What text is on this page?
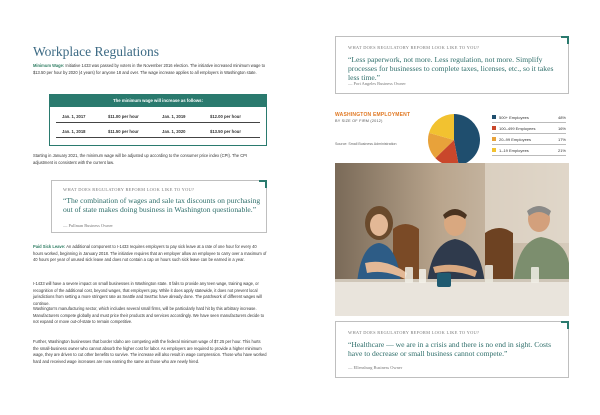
Workplace Regulations

Minimum Wage: Initiative 1433 was passed by voters in the November 2016 election. The initiative increased minimum wage to $13.50 per hour by 2020 (4 years) for anyone 18 and over. The wage increase applies to all employers in Washington state.

The minimum wage will increase as follows:
Jan. 1, 2017	$11.00 per hour	Jan. 1, 2019	$12.00 per hour
Jan. 1, 2018	$11.50 per hour	Jan. 1, 2020	$13.50 per hour

Starting in January 2021, the minimum wage will be adjusted up according to the consumer price index (CPI). The CPI adjustment is consistent with the current law.

WHAT DOES REGULATORY REFORM LOOK LIKE TO YOU?
“The combination of wages and sale tax discounts on purchasing out of state makes doing business in Washington questionable.”
— Pullman Business Owner

Paid Sick Leave: An additional component to I-1433 requires employers to pay sick leave at a rate of one hour for every 40 hours worked, beginning in January 2018. The initiative requires that an employer allow an employee to carry over a maximum of 40 hours per year of unused sick leave and does not contain a cap on hours such sick leave can be earned in a year.

I-1433 will have a severe impact on small businesses in Washington state. It fails to provide any teen wage, training wage, or recognition of the additional cost, beyond wages, that employers pay. While it does apply statewide, it does not prevent local jurisdictions from setting a more stringent rate as Seattle and SeaTac have already done. The patchwork of different wages will continue.

Washington's manufacturing sector, which includes several small firms, will be particularly hard hit by this arbitrary increase. Manufacturers compete globally and must price their products and services accordingly. We have seen manufacturers decide to not expand or move out-of-state to remain competitive.

Further, Washington businesses that border Idaho are competing with the federal minimum wage of $7.25 per hour. This hurts the small-business owner who cannot absorb the higher cost for labor. As employers are required to provide a higher minimum wage, they are driven to cut other benefits to survive. The increase will also result in wage compression. Those who have worked hard and received wage increases are now earning the same as those who are newly hired.

WHAT DOES REGULATORY REFORM LOOK LIKE TO YOU?
“Less paperwork, not more. Less regulation, not more. Simplify processes for businesses to complete taxes, licenses, etc., so it takes less time.”
— Port Angeles Business Owner
WASHINGTON EMPLOYMENT
BY SIZE OF FIRM (2012)
Source: Small Business Administration
500+ Employees	48%
100–499 Employees	16%
20–99 Employees	17%
1–19 Employees	21%
WHAT DOES REGULATORY REFORM LOOK LIKE TO YOU?
“Healthcare — we are in a crisis and there is no end in sight. Costs have to decrease or small business cannot compete.”
— Ellensburg Business Owner
